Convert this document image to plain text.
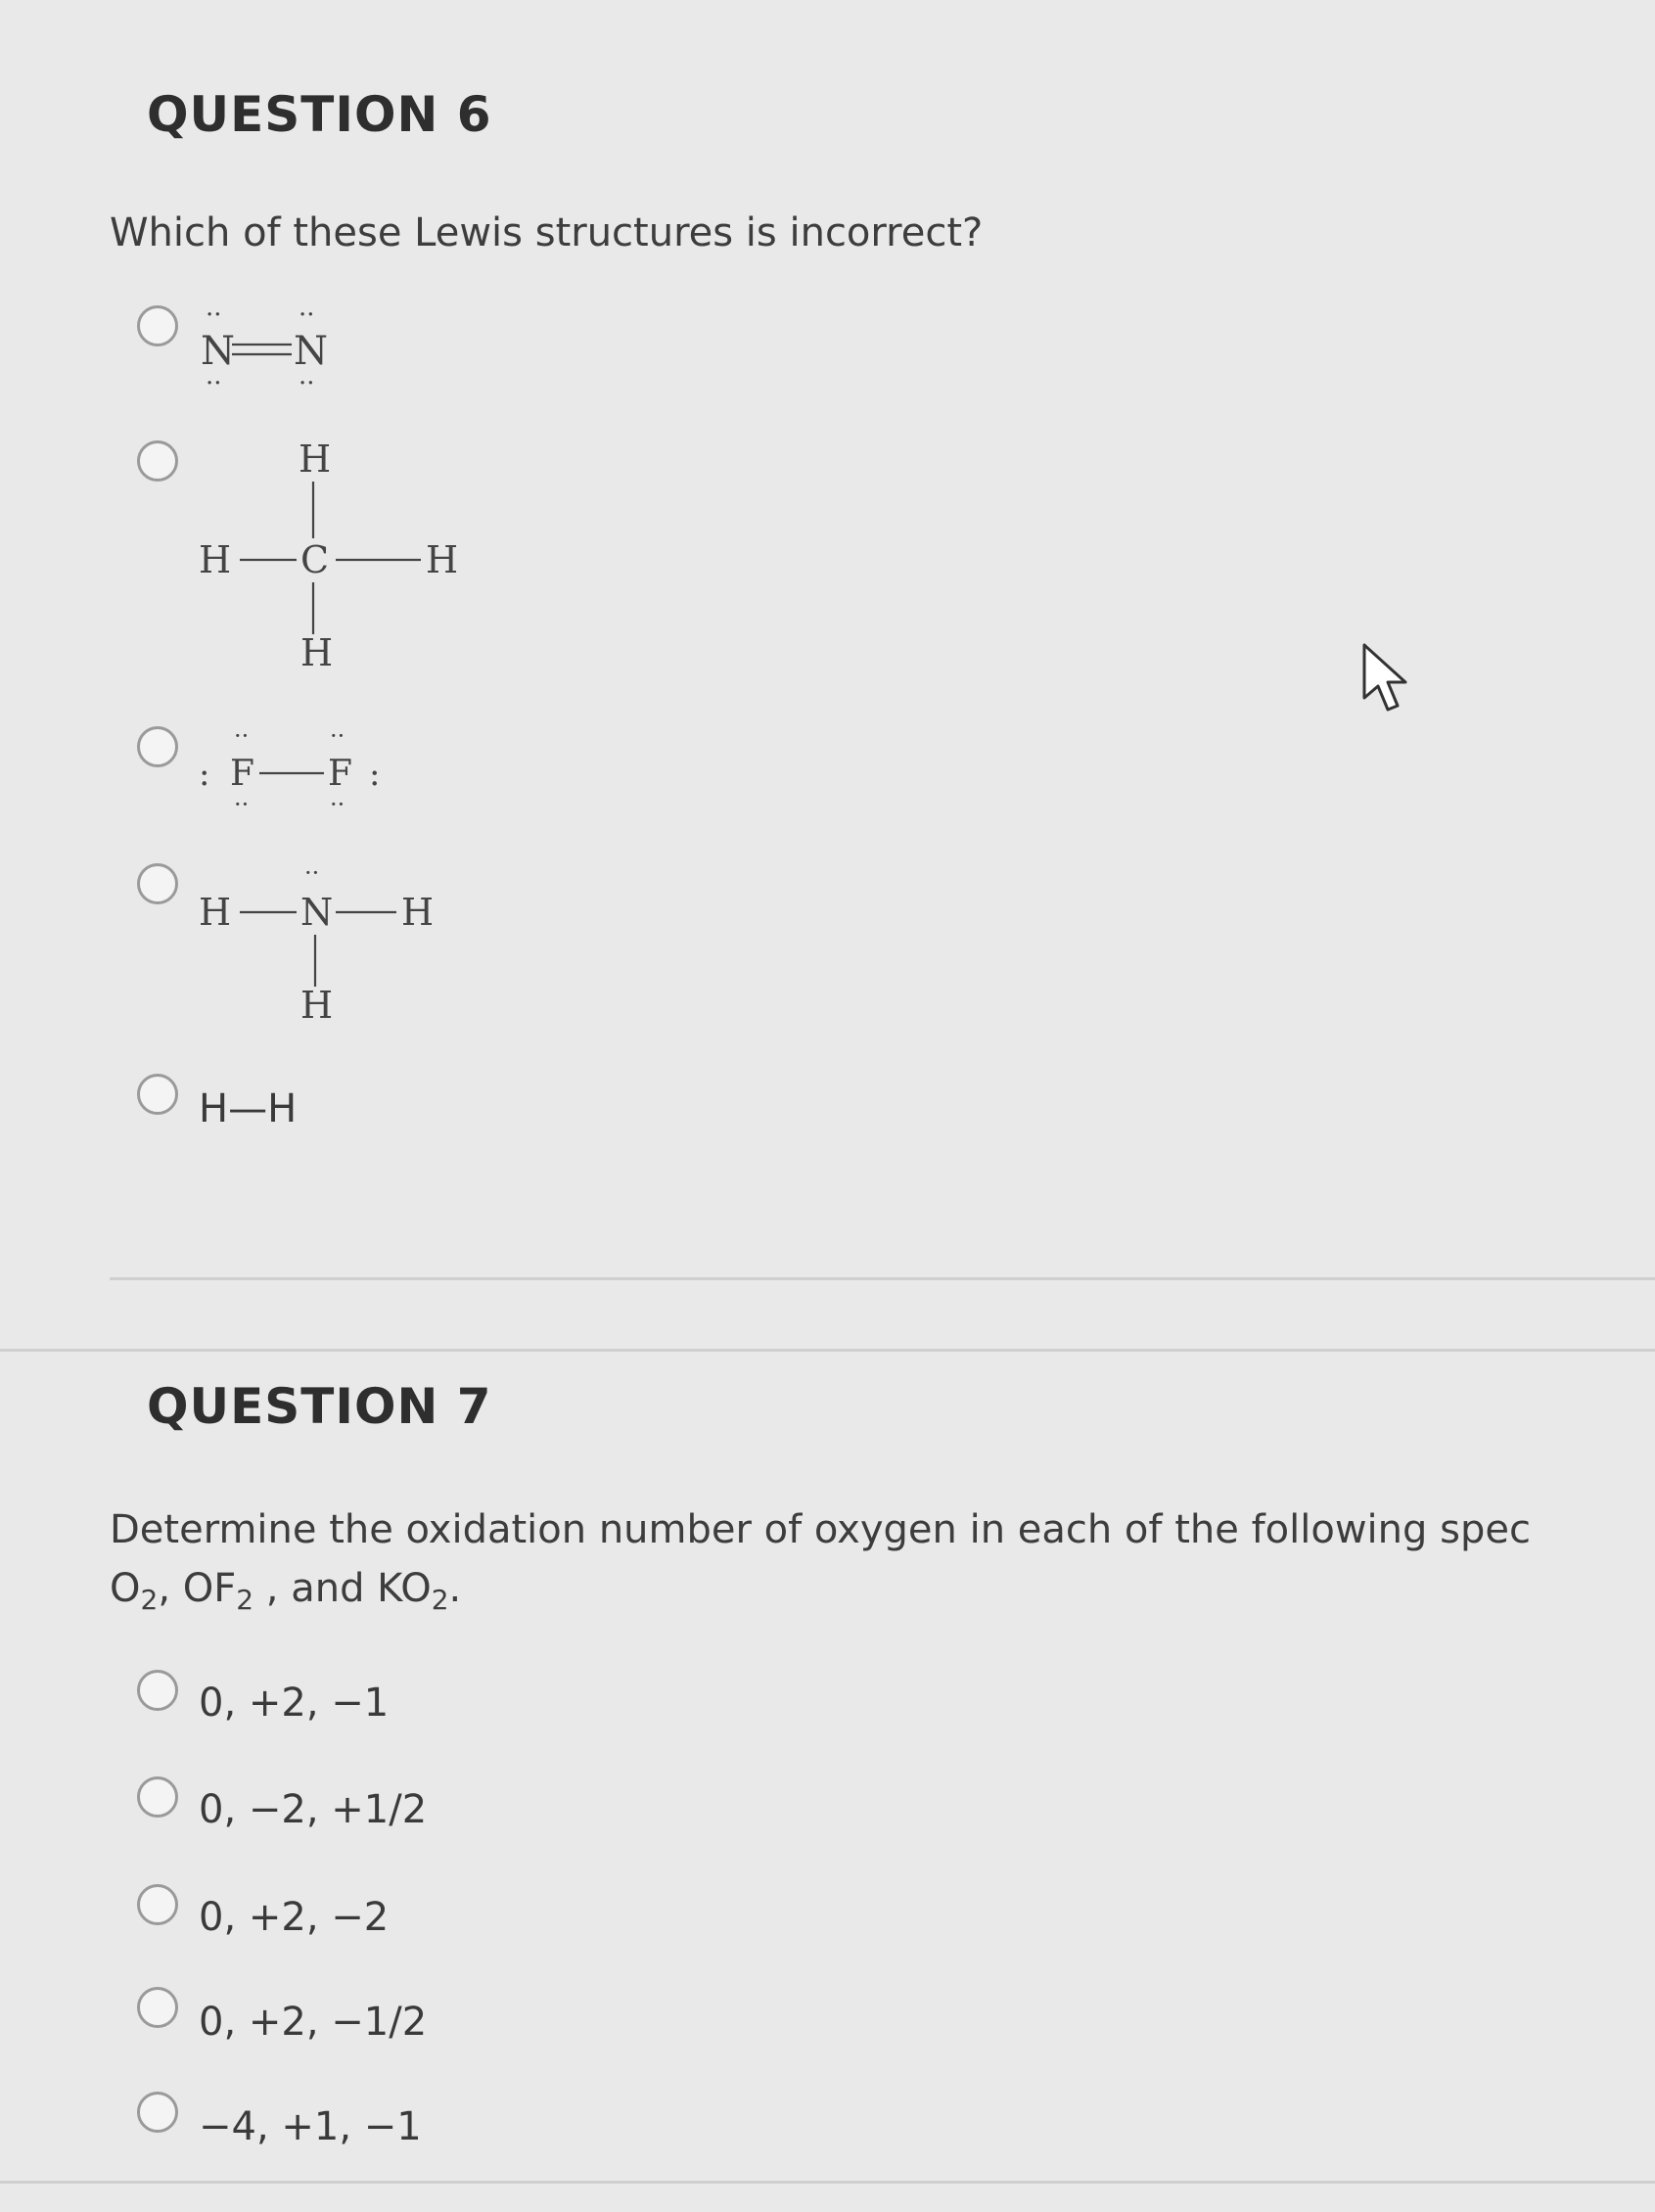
QUESTION 6
Which of these Lewis structures is incorrect?
N N
··
··
··
··
H
H C	H
H
: F F :
··
··
··
··
H N H
H
··
H—H
QUESTION 7
Determine the oxidation number of oxygen in each of the following spec
$O_2$, $OF_2$ , and $KO_2$.
0, +2, −1
0, −2, +1/2
0, +2, −2
0, +2, −1/2
−4, +1, −1
